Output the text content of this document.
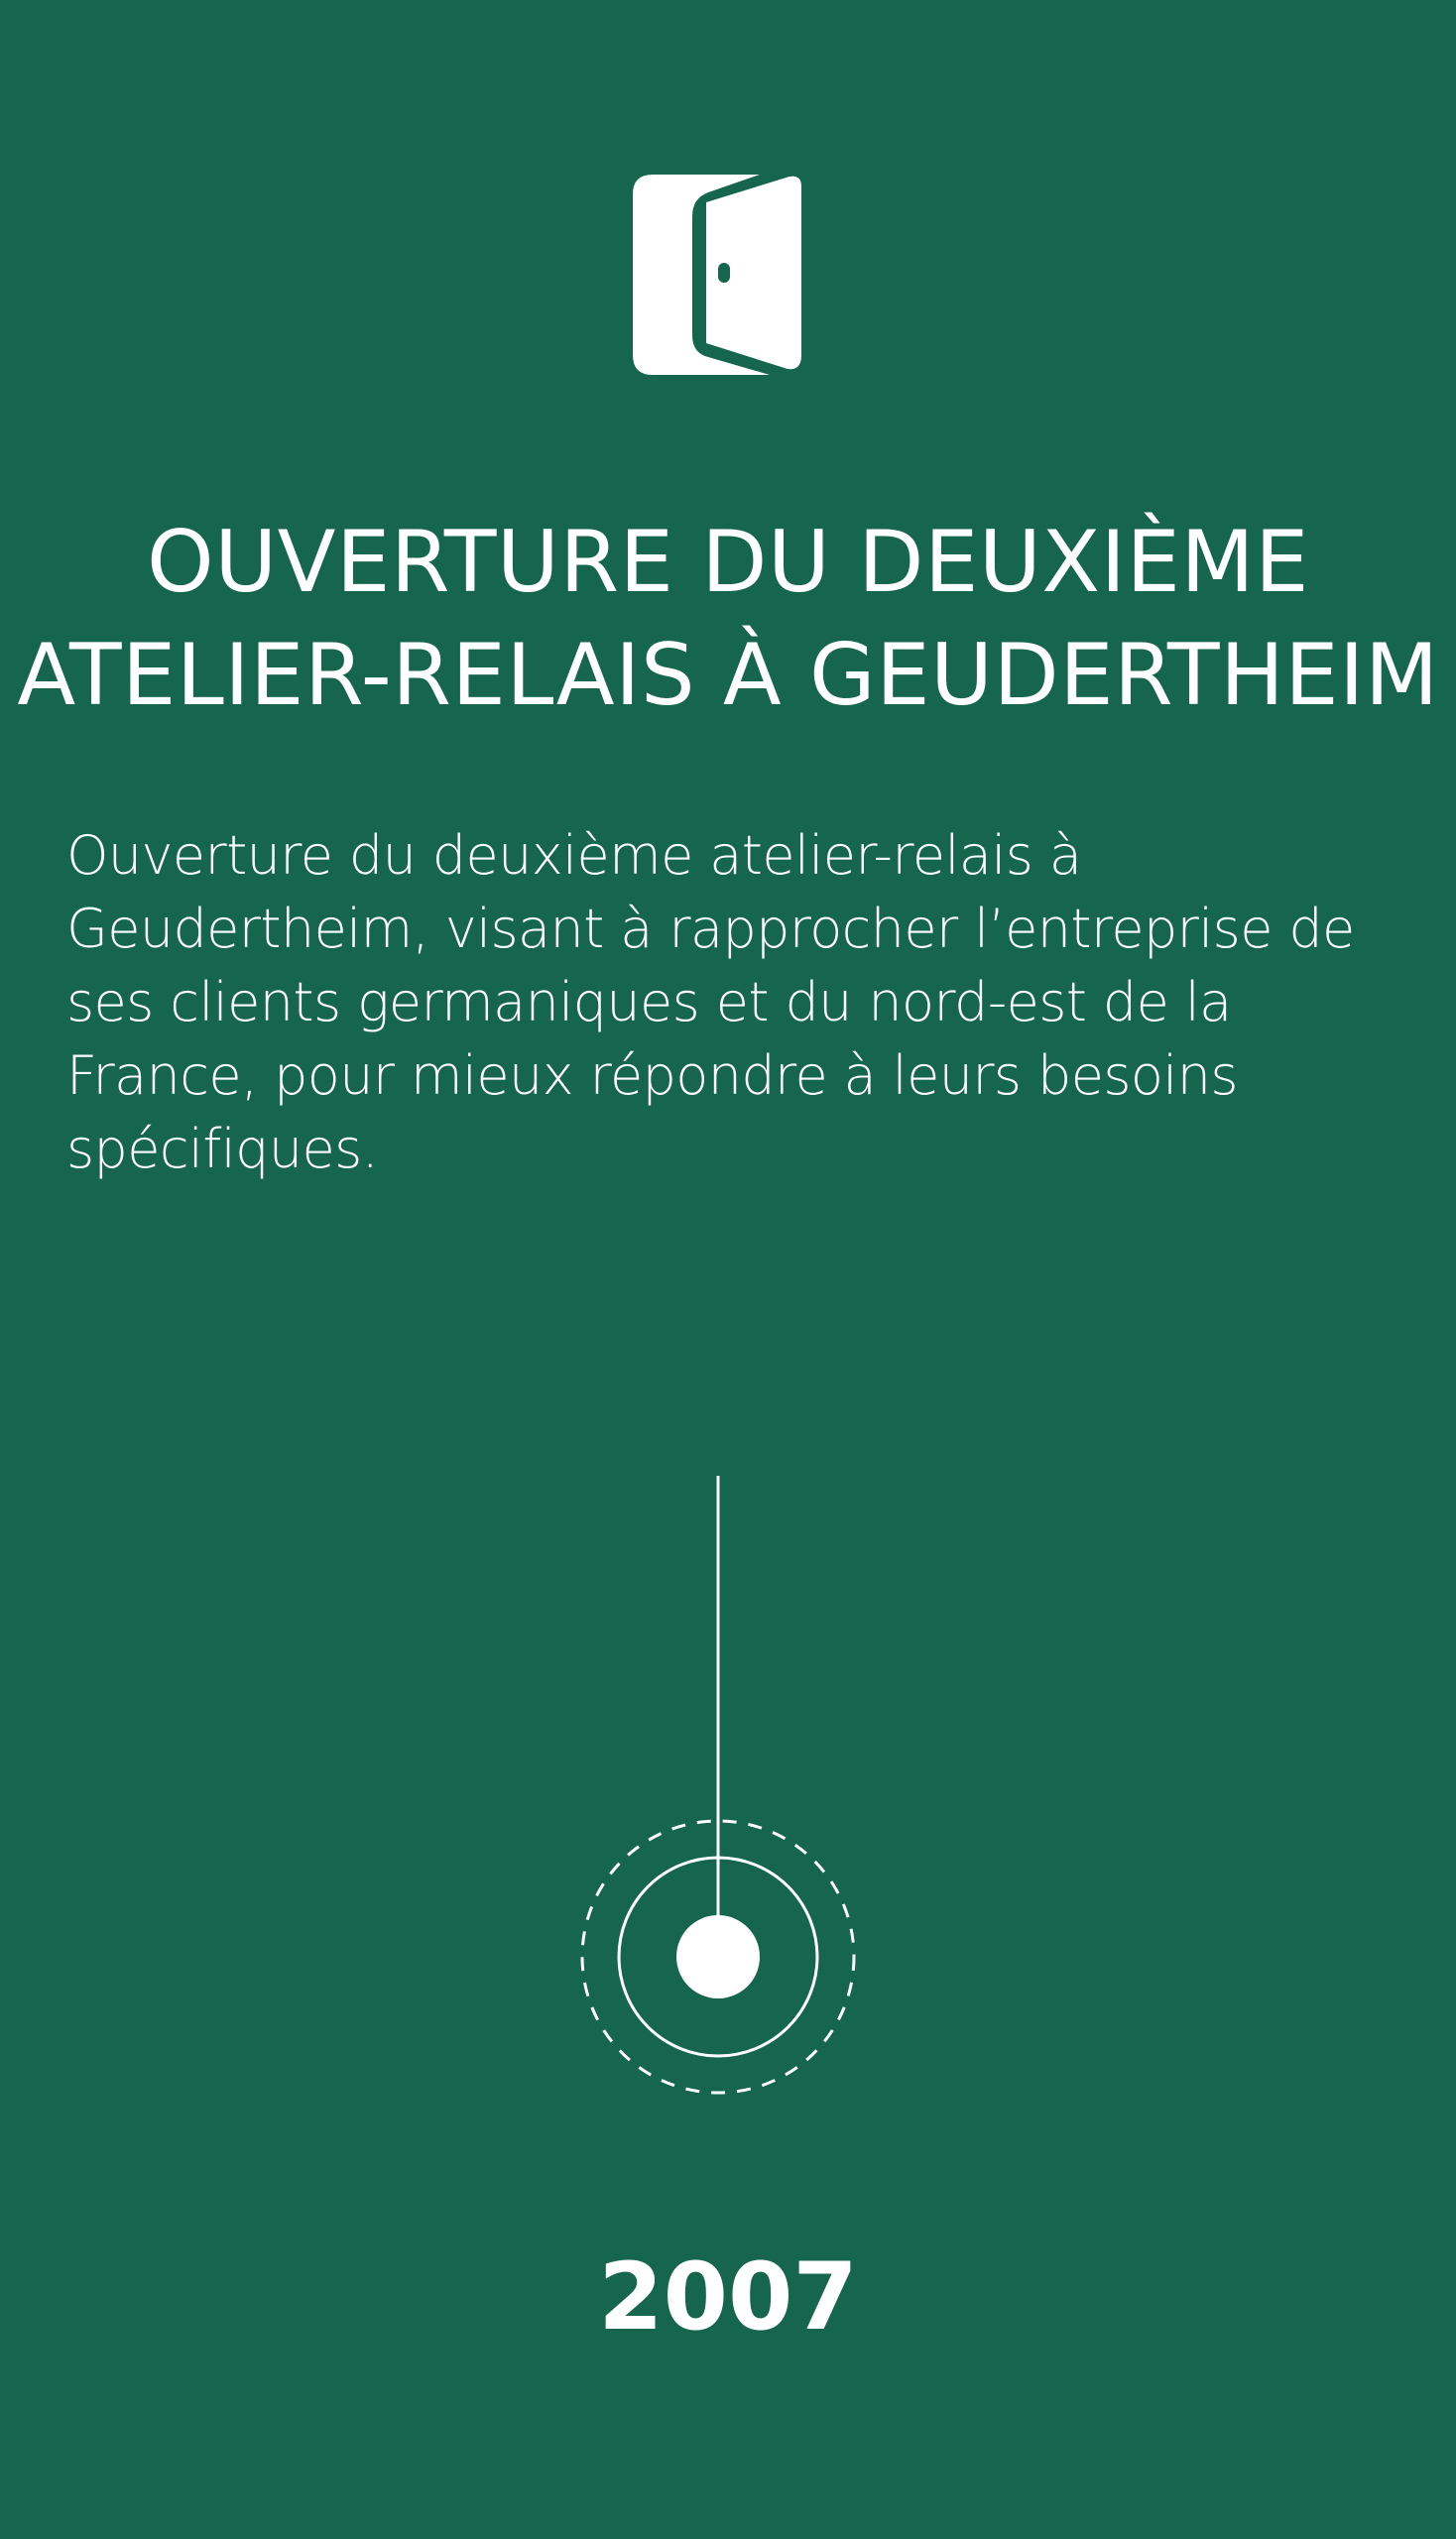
OUVERTURE DU DEUXIÈME
ATELIER-RELAIS À GEUDERTHEIM
Ouverture du deuxième atelier-relais à
Geudertheim, visant à rapprocher l’entreprise de
ses clients germaniques et du nord-est de la
France, pour mieux répondre à leurs besoins
spécifiques.
2007
